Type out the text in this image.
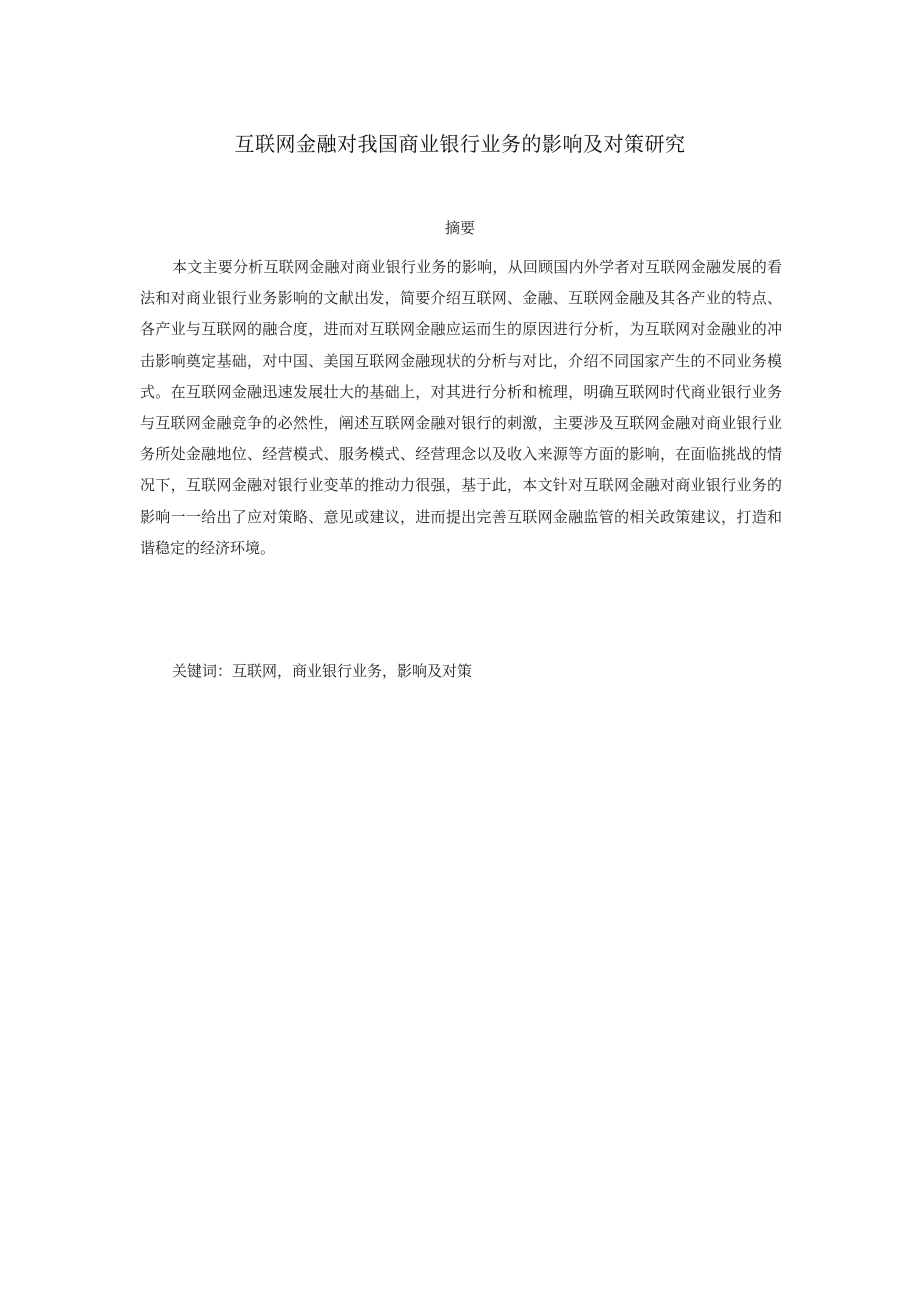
互联网金融对我国商业银行业务的影响及对策研究
摘要

本文主要分析互联网金融对商业银行业务的影响，从回顾国内外学者对互联网金融发展的看法和对商业银行业务影响的文献出发，简要介绍互联网、金融、互联网金融及其各产业的特点、各产业与互联网的融合度，进而对互联网金融应运而生的原因进行分析，为互联网对金融业的冲击影响奠定基础，对中国、美国互联网金融现状的分析与对比，介绍不同国家产生的不同业务模式。在互联网金融迅速发展壮大的基础上，对其进行分析和梳理，明确互联网时代商业银行业务与互联网金融竞争的必然性，阐述互联网金融对银行的刺激，主要涉及互联网金融对商业银行业务所处金融地位、经营模式、服务模式、经营理念以及收入来源等方面的影响，在面临挑战的情况下，互联网金融对银行业变革的推动力很强，基于此，本文针对互联网金融对商业银行业务的影响一一给出了应对策略、意见或建议，进而提出完善互联网金融监管的相关政策建议，打造和谐稳定的经济环境。

关键词：互联网，商业银行业务，影响及对策
